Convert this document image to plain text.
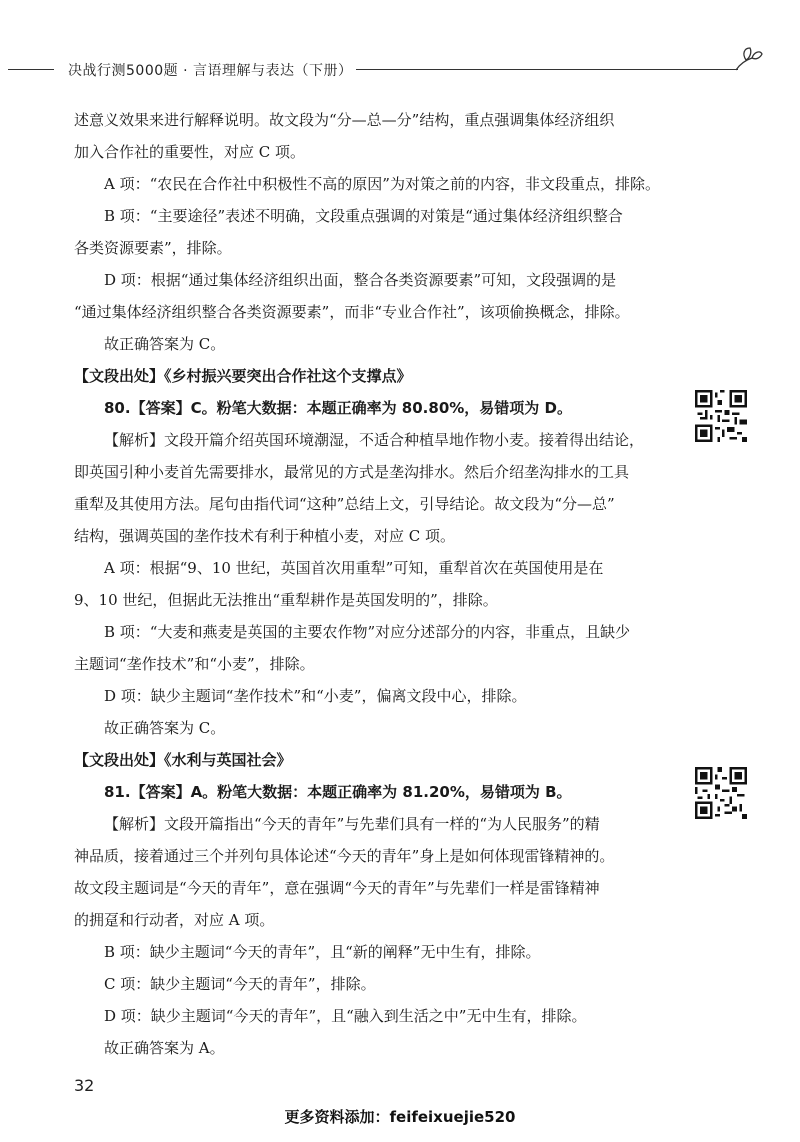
决战行测5000题 · 言语理解与表达（下册）

述意义效果来进行解释说明。故文段为“分—总—分”结构，重点强调集体经济组织

加入合作社的重要性，对应 C 项。

A 项：“农民在合作社中积极性不高的原因”为对策之前的内容，非文段重点，排除。

B 项：“主要途径”表述不明确，文段重点强调的对策是“通过集体经济组织整合

各类资源要素”，排除。

D 项：根据“通过集体经济组织出面，整合各类资源要素”可知，文段强调的是

“通过集体经济组织整合各类资源要素”，而非“专业合作社”，该项偷换概念，排除。

故正确答案为 C。

【文段出处】《乡村振兴要突出合作社这个支撑点》

80.【答案】C。粉笔大数据：本题正确率为 80.80%，易错项为 D。

【解析】文段开篇介绍英国环境潮湿，不适合种植旱地作物小麦。接着得出结论，

即英国引种小麦首先需要排水，最常见的方式是垄沟排水。然后介绍垄沟排水的工具

重犁及其使用方法。尾句由指代词“这种”总结上文，引导结论。故文段为“分—总”

结构，强调英国的垄作技术有利于种植小麦，对应 C 项。

A 项：根据“9、10 世纪，英国首次用重犁”可知，重犁首次在英国使用是在

9、10 世纪，但据此无法推出“重犁耕作是英国发明的”，排除。

B 项：“大麦和燕麦是英国的主要农作物”对应分述部分的内容，非重点，且缺少

主题词“垄作技术”和“小麦”，排除。

D 项：缺少主题词“垄作技术”和“小麦”，偏离文段中心，排除。

故正确答案为 C。

【文段出处】《水利与英国社会》

81.【答案】A。粉笔大数据：本题正确率为 81.20%，易错项为 B。

【解析】文段开篇指出“今天的青年”与先辈们具有一样的“为人民服务”的精

神品质，接着通过三个并列句具体论述“今天的青年”身上是如何体现雷锋精神的。

故文段主题词是“今天的青年”，意在强调“今天的青年”与先辈们一样是雷锋精神

的拥趸和行动者，对应 A 项。

B 项：缺少主题词“今天的青年”，且“新的阐释”无中生有，排除。

C 项：缺少主题词“今天的青年”，排除。

D 项：缺少主题词“今天的青年”，且“融入到生活之中”无中生有，排除。

故正确答案为 A。

32
更多资料添加：feifeixuejie520
